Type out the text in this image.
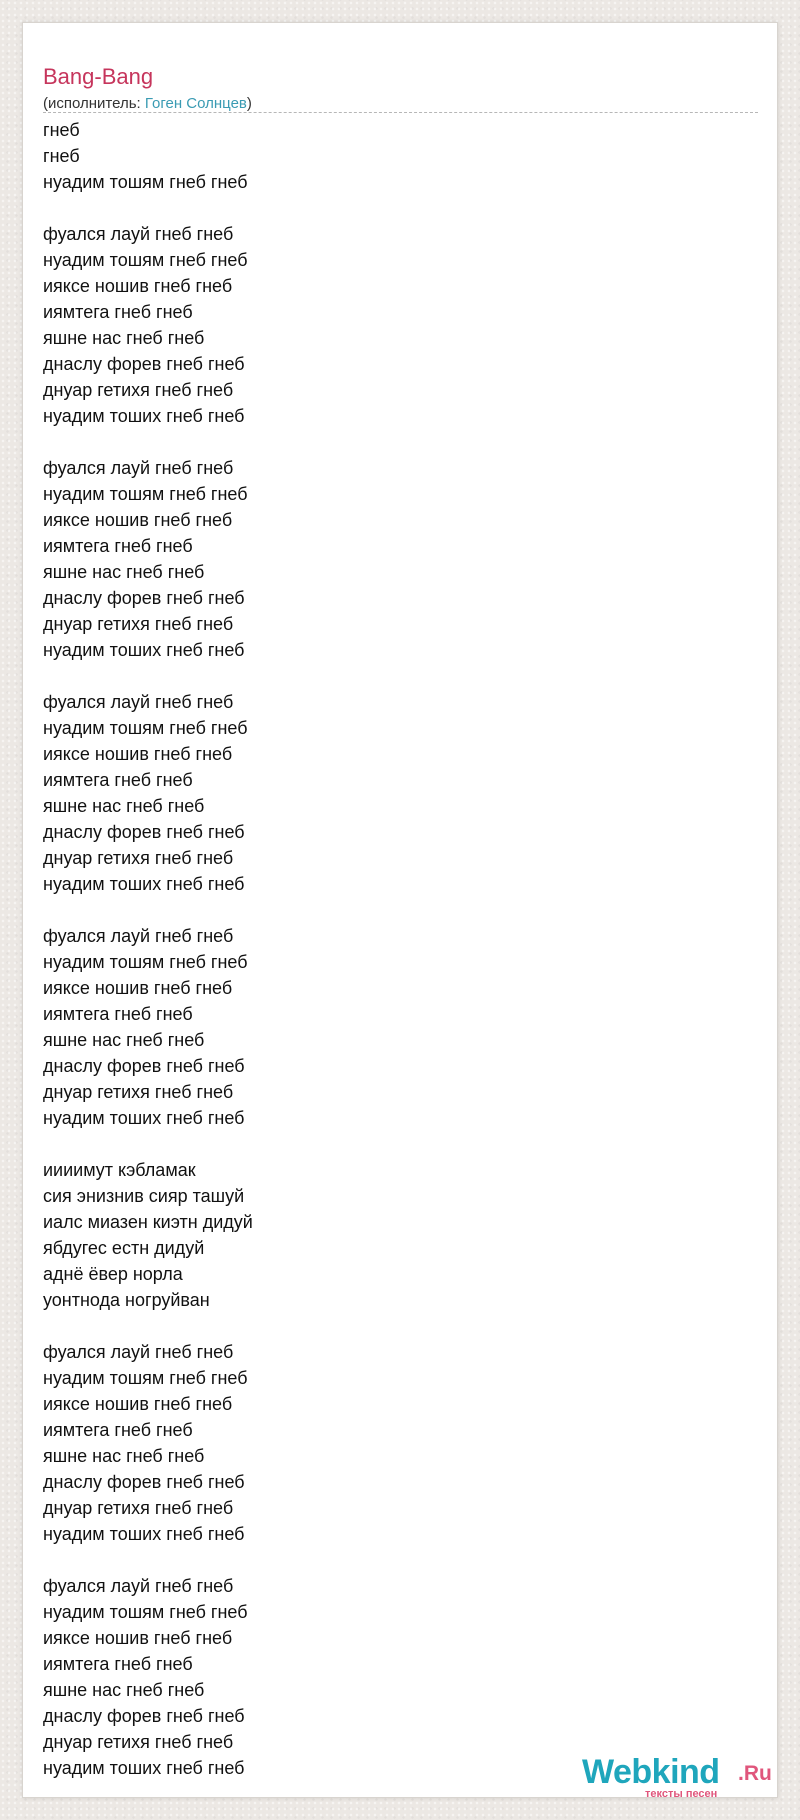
Bang-Bang
(исполнитель: Гоген Солнцев)
гнеб
гнеб
нуадим тошям гнеб гнеб
фуался лауй гнеб гнеб
нуадим тошям гнеб гнеб
ияксе ношив гнеб гнеб
иямтега гнеб гнеб
яшне нас гнеб гнеб
днаслу форев гнеб гнеб
днуар гетихя гнеб гнеб
нуадим тоших гнеб гнеб
фуался лауй гнеб гнеб
нуадим тошям гнеб гнеб
ияксе ношив гнеб гнеб
иямтега гнеб гнеб
яшне нас гнеб гнеб
днаслу форев гнеб гнеб
днуар гетихя гнеб гнеб
нуадим тоших гнеб гнеб
фуался лауй гнеб гнеб
нуадим тошям гнеб гнеб
ияксе ношив гнеб гнеб
иямтега гнеб гнеб
яшне нас гнеб гнеб
днаслу форев гнеб гнеб
днуар гетихя гнеб гнеб
нуадим тоших гнеб гнеб
фуался лауй гнеб гнеб
нуадим тошям гнеб гнеб
ияксе ношив гнеб гнеб
иямтега гнеб гнеб
яшне нас гнеб гнеб
днаслу форев гнеб гнеб
днуар гетихя гнеб гнеб
нуадим тоших гнеб гнеб
иииимут кэбламак
сия энизнив сияр ташуй
иалс миазен киэтн дидуй
ябдугес естн дидуй
аднё ёвер норла
уонтнода ногруйван
фуался лауй гнеб гнеб
нуадим тошям гнеб гнеб
ияксе ношив гнеб гнеб
иямтега гнеб гнеб
яшне нас гнеб гнеб
днаслу форев гнеб гнеб
днуар гетихя гнеб гнеб
нуадим тоших гнеб гнеб
фуался лауй гнеб гнеб
нуадим тошям гнеб гнеб
ияксе ношив гнеб гнеб
иямтега гнеб гнеб
яшне нас гнеб гнеб
днаслу форев гнеб гнеб
днуар гетихя гнеб гнеб
нуадим тоших гнеб гнеб	Webkind .Ru
тексты песен
